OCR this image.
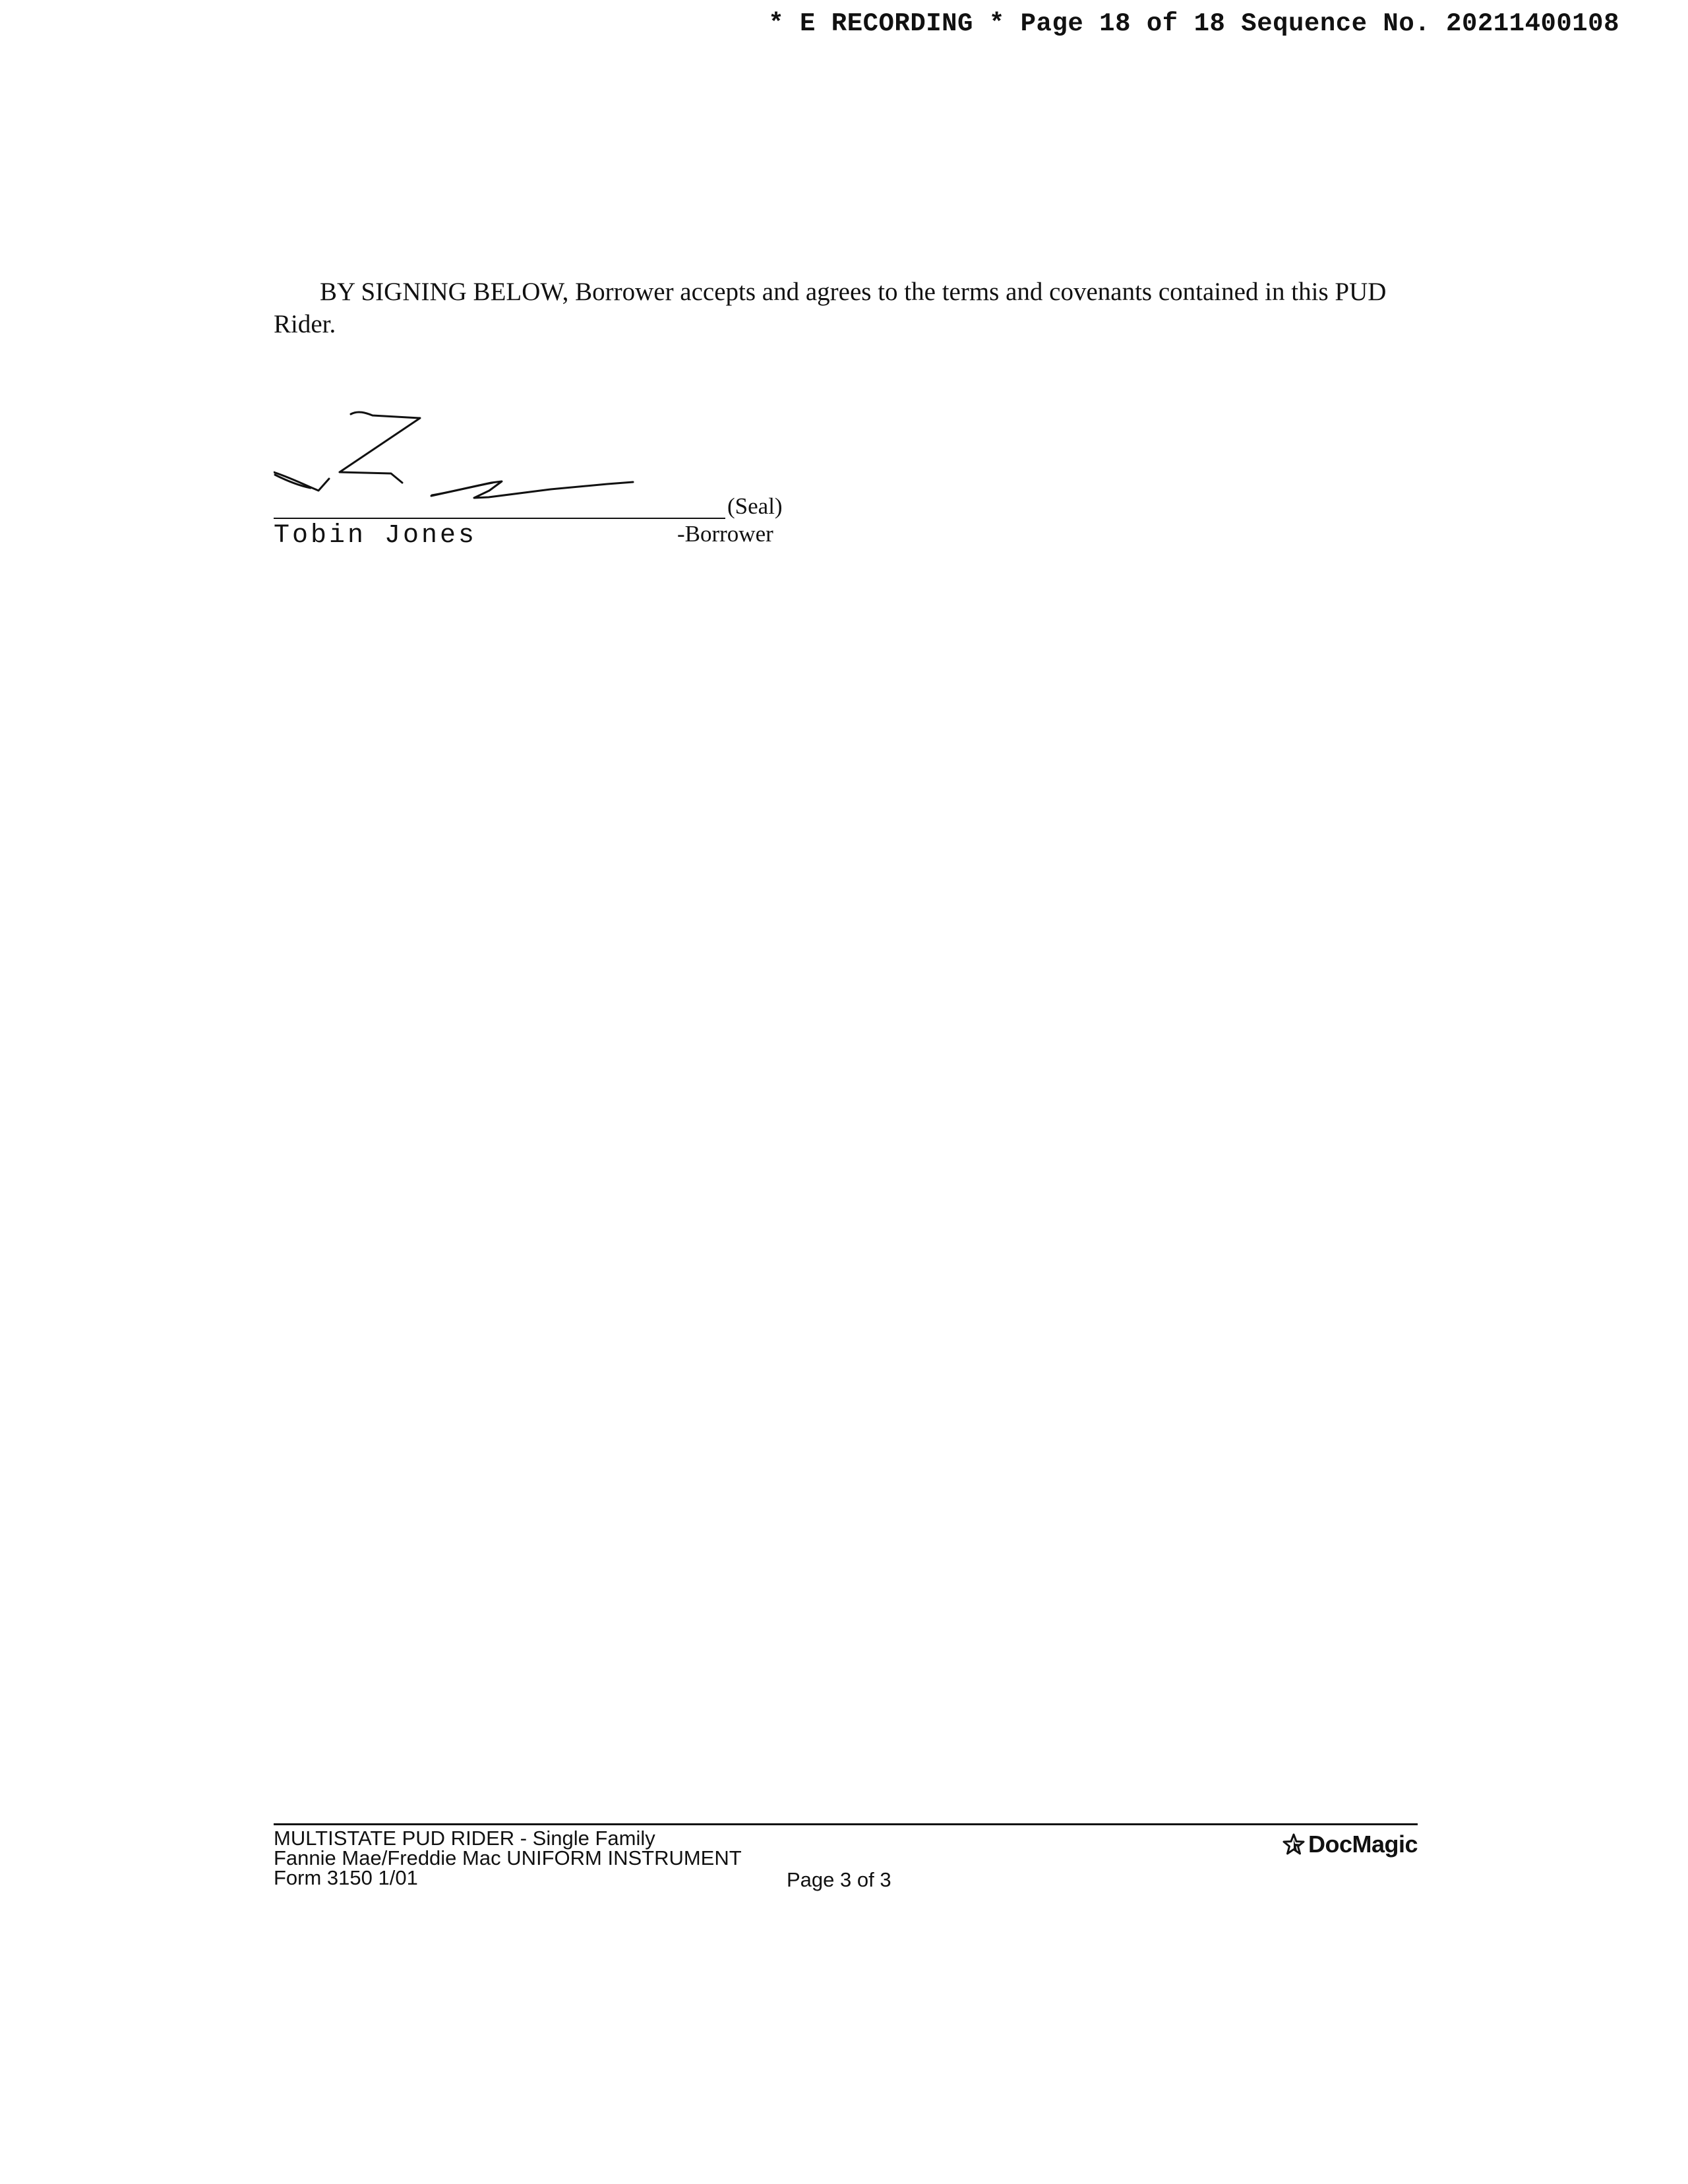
* E RECORDING * Page 18 of 18 Sequence No. 20211400108
BY SIGNING BELOW, Borrower accepts and agrees to the terms and covenants contained in this PUD Rider.
(Seal)
Tobin Jones	-Borrower
MULTISTATE PUD RIDER - Single Family
Fannie Mae/Freddie Mac UNIFORM INSTRUMENT
Form 3150 1/01	Page 3 of 3
DocMagic
